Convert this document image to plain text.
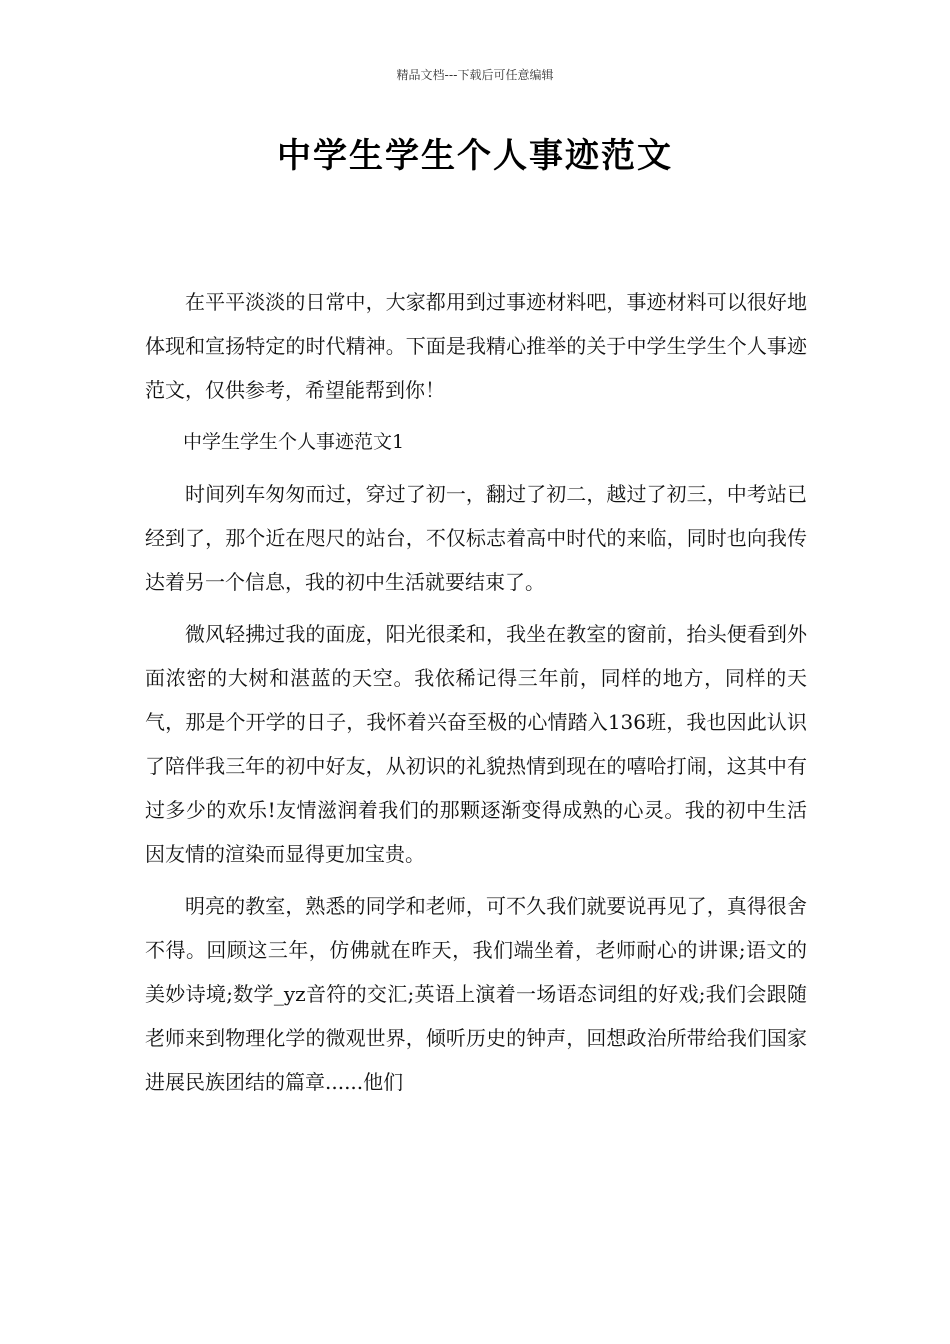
精品文档---下载后可任意编辑
中学生学生个人事迹范文

在平平淡淡的日常中，大家都用到过事迹材料吧，事迹材料可以很好地体现和宣扬特定的时代精神。下面是我精心推举的关于中学生学生个人事迹范文，仅供参考，希望能帮到你！

中学生学生个人事迹范文1

时间列车匆匆而过，穿过了初一，翻过了初二，越过了初三，中考站已经到了，那个近在咫尺的站台，不仅标志着高中时代的来临，同时也向我传达着另一个信息，我的初中生活就要结束了。

微风轻拂过我的面庞，阳光很柔和，我坐在教室的窗前，抬头便看到外面浓密的大树和湛蓝的天空。我依稀记得三年前，同样的地方，同样的天气，那是个开学的日子，我怀着兴奋至极的心情踏入136班，我也因此认识了陪伴我三年的初中好友，从初识的礼貌热情到现在的嘻哈打闹，这其中有过多少的欢乐!友情滋润着我们的那颗逐渐变得成熟的心灵。我的初中生活因友情的渲染而显得更加宝贵。

明亮的教室，熟悉的同学和老师，可不久我们就要说再见了，真得很舍不得。回顾这三年，仿佛就在昨天，我们端坐着，老师耐心的讲课;语文的美妙诗境;数学_yz音符的交汇;英语上演着一场语态词组的好戏;我们会跟随老师来到物理化学的微观世界，倾听历史的钟声，回想政治所带给我们国家进展民族团结的篇章......他们
